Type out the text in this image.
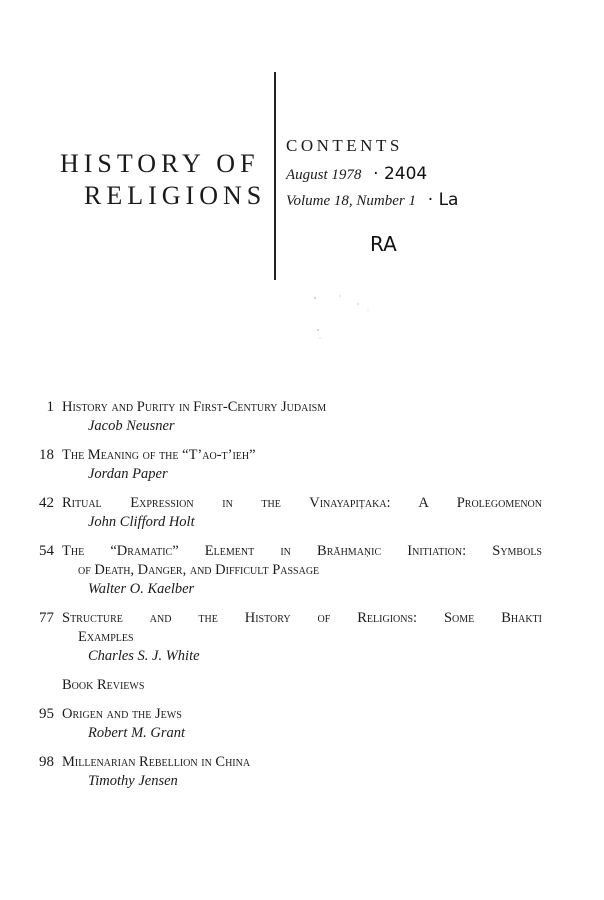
HISTORY OF
RELIGIONS
CONTENTS
August 1978 · 2404
Volume 18, Number 1 · La
RA
1 History and Purity in First-Century Judaism
Jacob Neusner
18 The Meaning of the “T’ao-t’ieh”
Jordan Paper
42 Ritual Expression in the Vinayapiṭaka: A Prolegomenon
John Clifford Holt
54 The “Dramatic” Element in Brāhmaṇic Initiation: Symbols
of Death, Danger, and Difficult Passage
Walter O. Kaelber
77 Structure and the History of Religions: Some Bhakti
Examples
Charles S. J. White
Book Reviews
95 Origen and the Jews
Robert M. Grant
98 Millenarian Rebellion in China
Timothy Jensen
